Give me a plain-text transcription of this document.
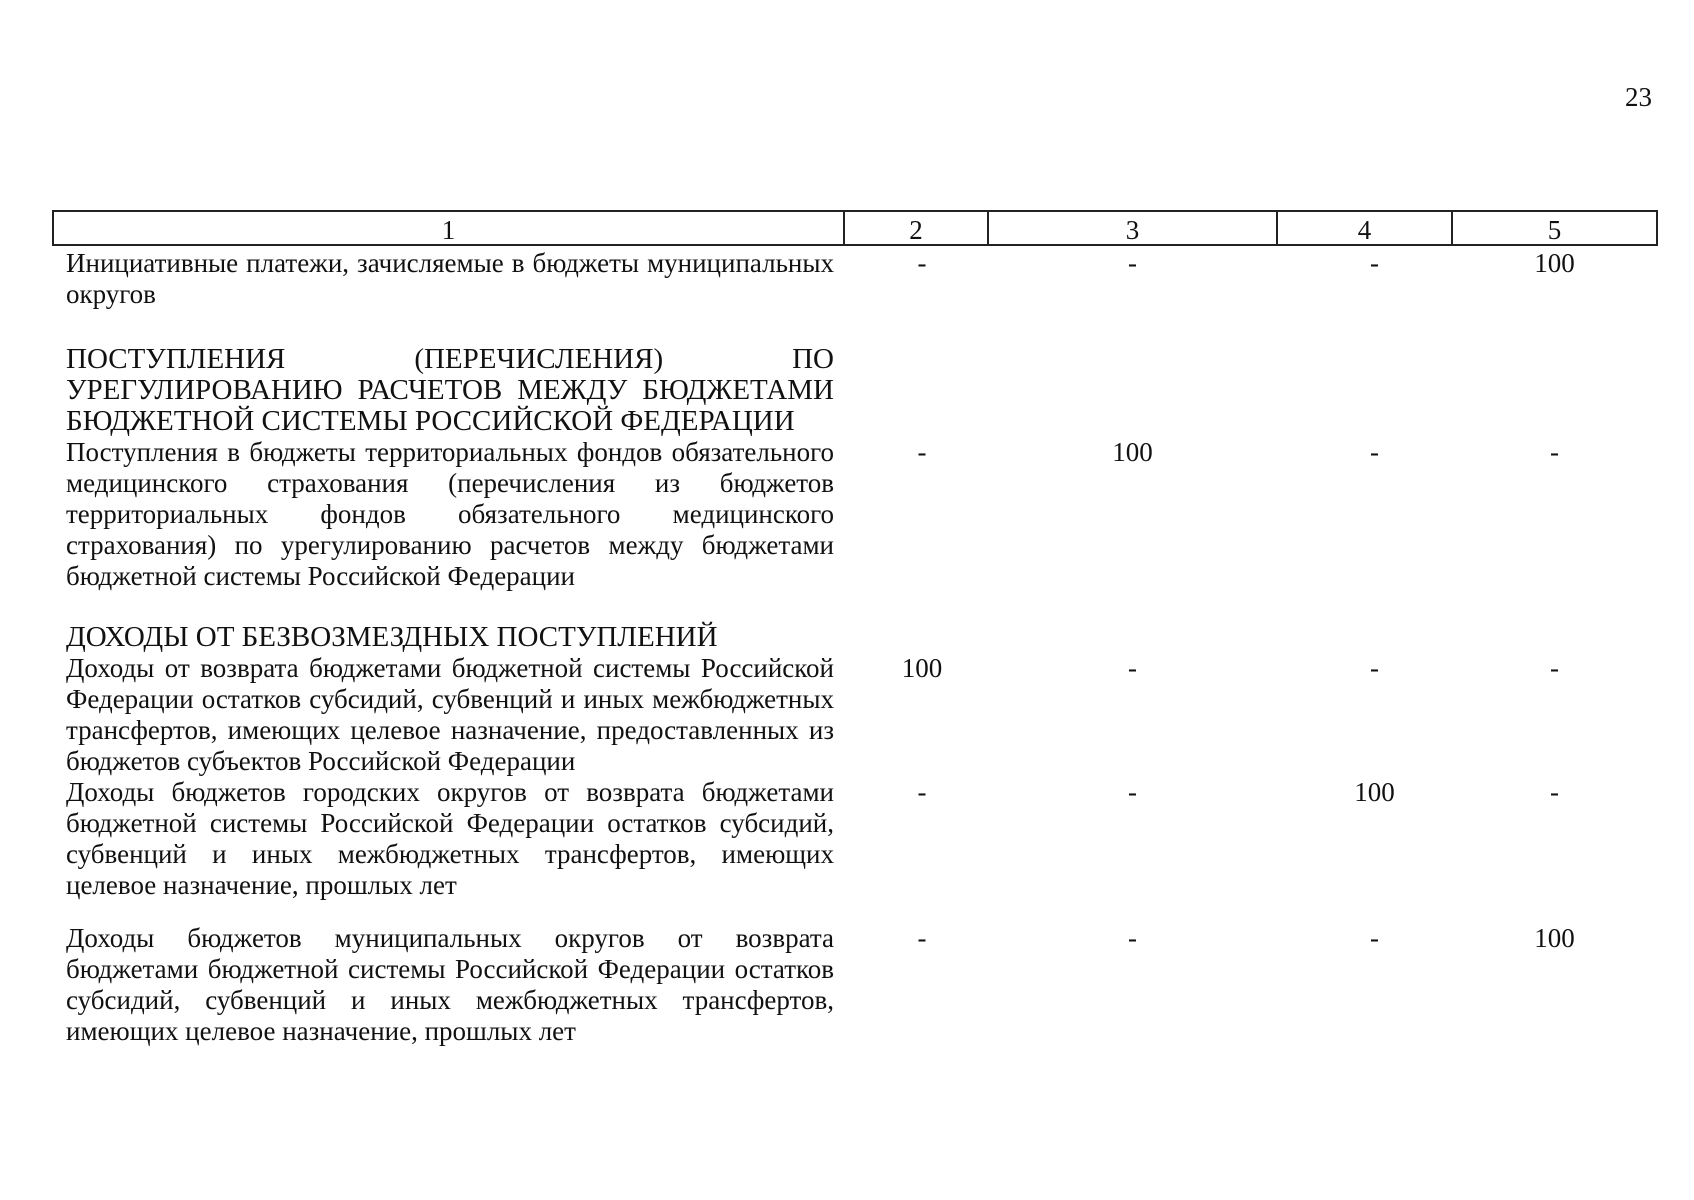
23
1	2	3	4	5
Инициативные платежи, зачисляемые в бюджеты муниципальных округов	-	-	-	100
ПОСТУПЛЕНИЯ (ПЕРЕЧИСЛЕНИЯ) ПО УРЕГУЛИРОВАНИЮ РАСЧЕТОВ МЕЖДУ БЮДЖЕТАМИ БЮДЖЕТНОЙ СИСТЕМЫ РОССИЙСКОЙ ФЕДЕРАЦИИ				
Поступления в бюджеты территориальных фондов обязательного медицинского страхования (перечисления из бюджетов территориальных фондов обязательного медицинского страхования) по урегулированию расчетов между бюджетами бюджетной системы Российской Федерации	-	100	-	-
ДОХОДЫ ОТ БЕЗВОЗМЕЗДНЫХ ПОСТУПЛЕНИЙ				
Доходы от возврата бюджетами бюджетной системы Российской Федерации остатков субсидий, субвенций и иных межбюджетных трансфертов, имеющих целевое назначение, предоставленных из бюджетов субъектов Российской Федерации	100	-	-	-
Доходы бюджетов городских округов от возврата бюджетами бюджетной системы Российской Федерации остатков субсидий, субвенций и иных межбюджетных трансфертов, имеющих целевое назначение, прошлых лет	-	-	100	-
Доходы бюджетов муниципальных округов от возврата бюджетами бюджетной системы Российской Федерации остатков субсидий, субвенций и иных межбюджетных трансфертов, имеющих целевое назначение, прошлых лет	-	-	-	100
